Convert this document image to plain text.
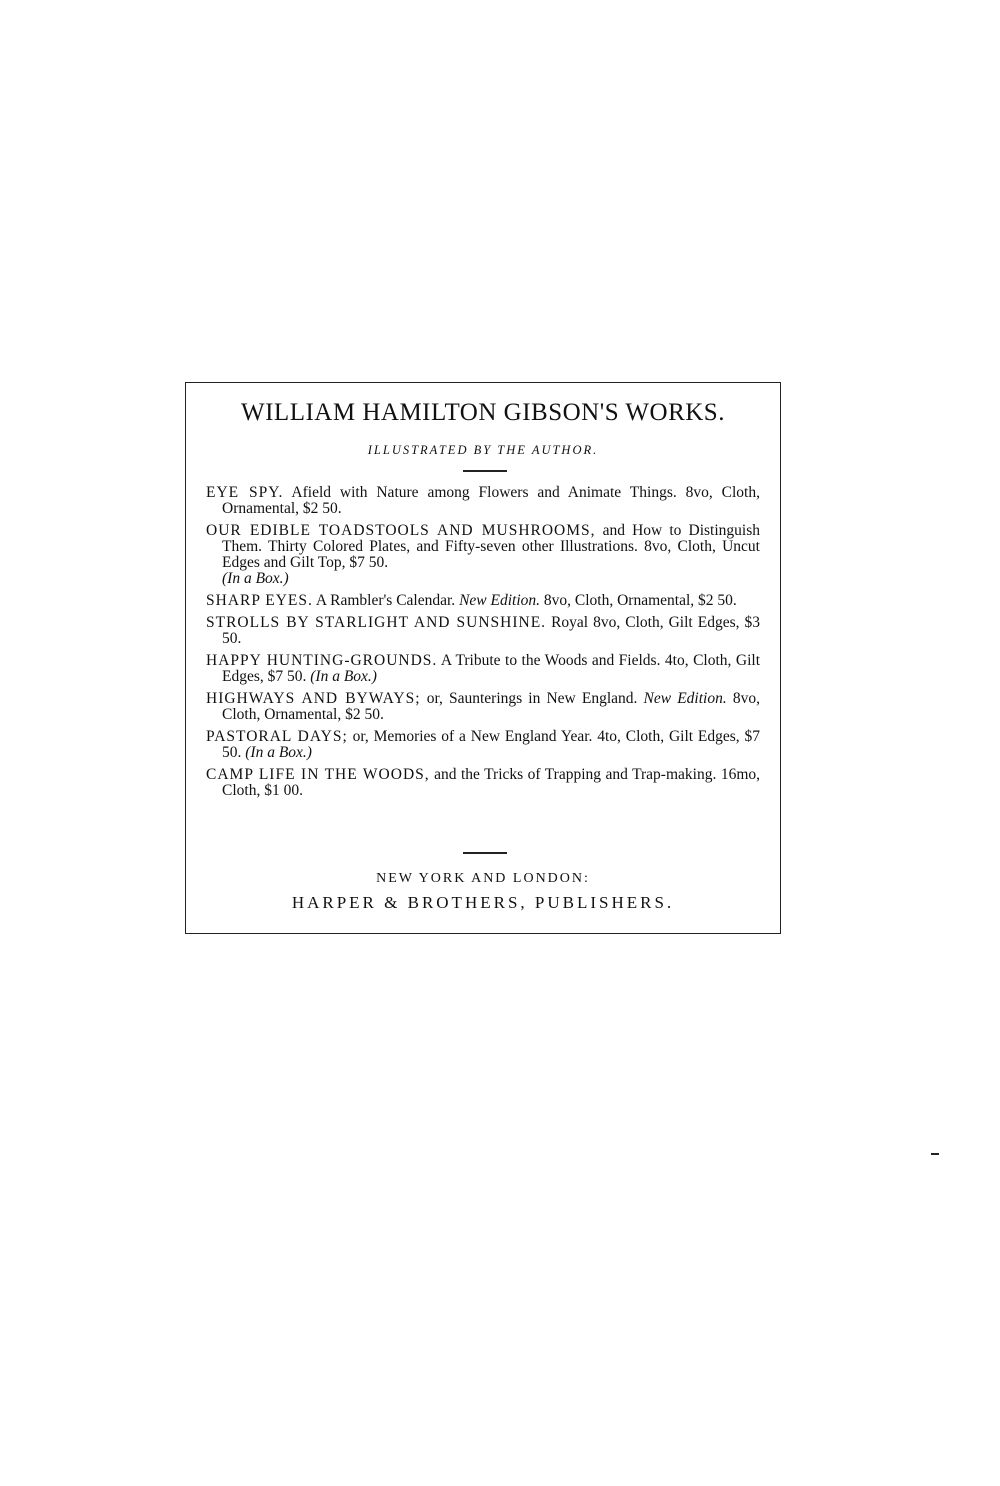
WILLIAM HAMILTON GIBSON'S WORKS.
ILLUSTRATED BY THE AUTHOR.
EYE SPY. Afield with Nature among Flowers and Animate Things. 8vo, Cloth, Ornamental, $2 50.
OUR EDIBLE TOADSTOOLS AND MUSHROOMS, and How to Distinguish Them. Thirty Colored Plates, and Fifty-seven other Illustrations. 8vo, Cloth, Uncut Edges and Gilt Top, $7 50.
(In a Box.)
SHARP EYES. A Rambler's Calendar. New Edition. 8vo, Cloth, Ornamental, $2 50.
STROLLS BY STARLIGHT AND SUNSHINE. Royal 8vo, Cloth, Gilt Edges, $3 50.
HAPPY HUNTING-GROUNDS. A Tribute to the Woods and Fields. 4to, Cloth, Gilt Edges, $7 50. (In a Box.)
HIGHWAYS AND BYWAYS; or, Saunterings in New England. New Edition. 8vo, Cloth, Ornamental, $2 50.
PASTORAL DAYS; or, Memories of a New England Year. 4to, Cloth, Gilt Edges, $7 50. (In a Box.)
CAMP LIFE IN THE WOODS, and the Tricks of Trapping and Trap-making. 16mo, Cloth, $1 00.
NEW YORK AND LONDON:
HARPER & BROTHERS, PUBLISHERS.
